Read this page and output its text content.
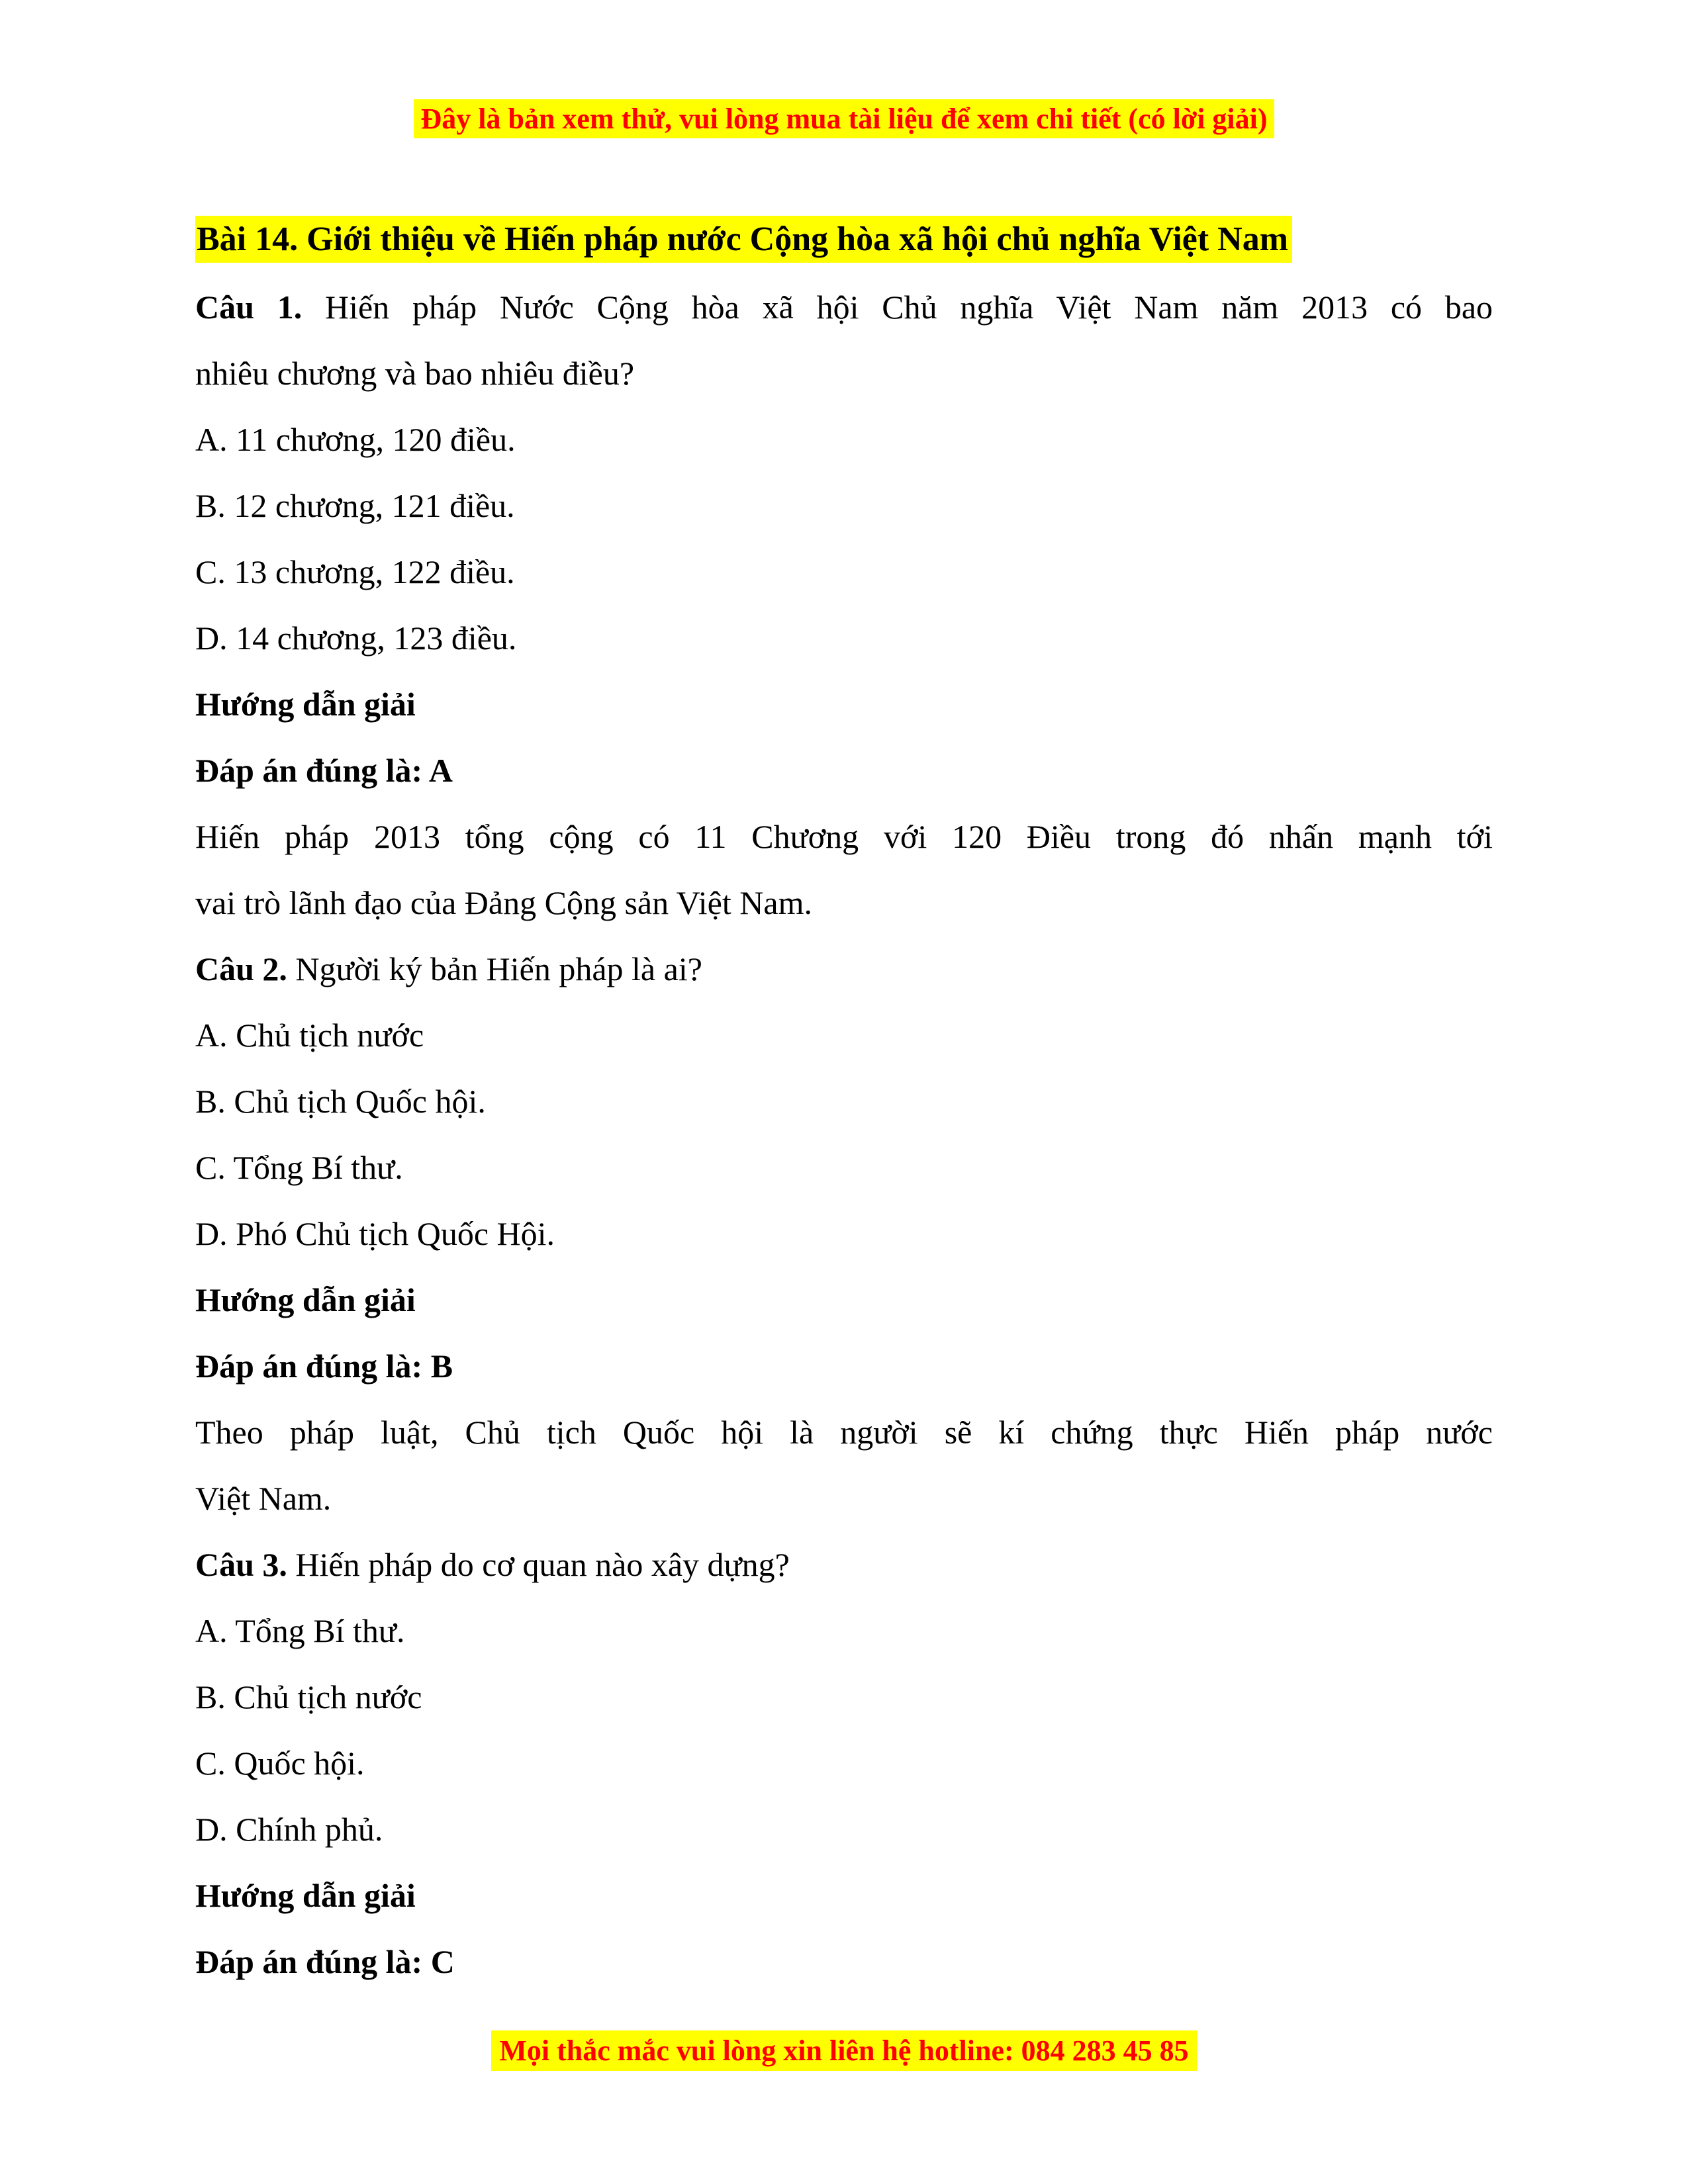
Đây là bản xem thử, vui lòng mua tài liệu để xem chi tiết (có lời giải)
Bài 14. Giới thiệu về Hiến pháp nước Cộng hòa xã hội chủ nghĩa Việt Nam

Câu 1. Hiến pháp Nước Cộng hòa xã hội Chủ nghĩa Việt Nam năm 2013 có bao

nhiêu chương và bao nhiêu điều?

A. 11 chương, 120 điều.

B. 12 chương, 121 điều.

C. 13 chương, 122 điều.

D. 14 chương, 123 điều.

Hướng dẫn giải

Đáp án đúng là: A

Hiến pháp 2013 tổng cộng có 11 Chương với 120 Điều trong đó nhấn mạnh tới

vai trò lãnh đạo của Đảng Cộng sản Việt Nam.

Câu 2. Người ký bản Hiến pháp là ai?

A. Chủ tịch nước

B. Chủ tịch Quốc hội.

C. Tổng Bí thư.

D. Phó Chủ tịch Quốc Hội.

Hướng dẫn giải

Đáp án đúng là: B

Theo pháp luật, Chủ tịch Quốc hội là người sẽ kí chứng thực Hiến pháp nước

Việt Nam.

Câu 3. Hiến pháp do cơ quan nào xây dựng?

A. Tổng Bí thư.

B. Chủ tịch nước

C. Quốc hội.

D. Chính phủ.

Hướng dẫn giải

Đáp án đúng là: C

Mọi thắc mắc vui lòng xin liên hệ hotline: 084 283 45 85
